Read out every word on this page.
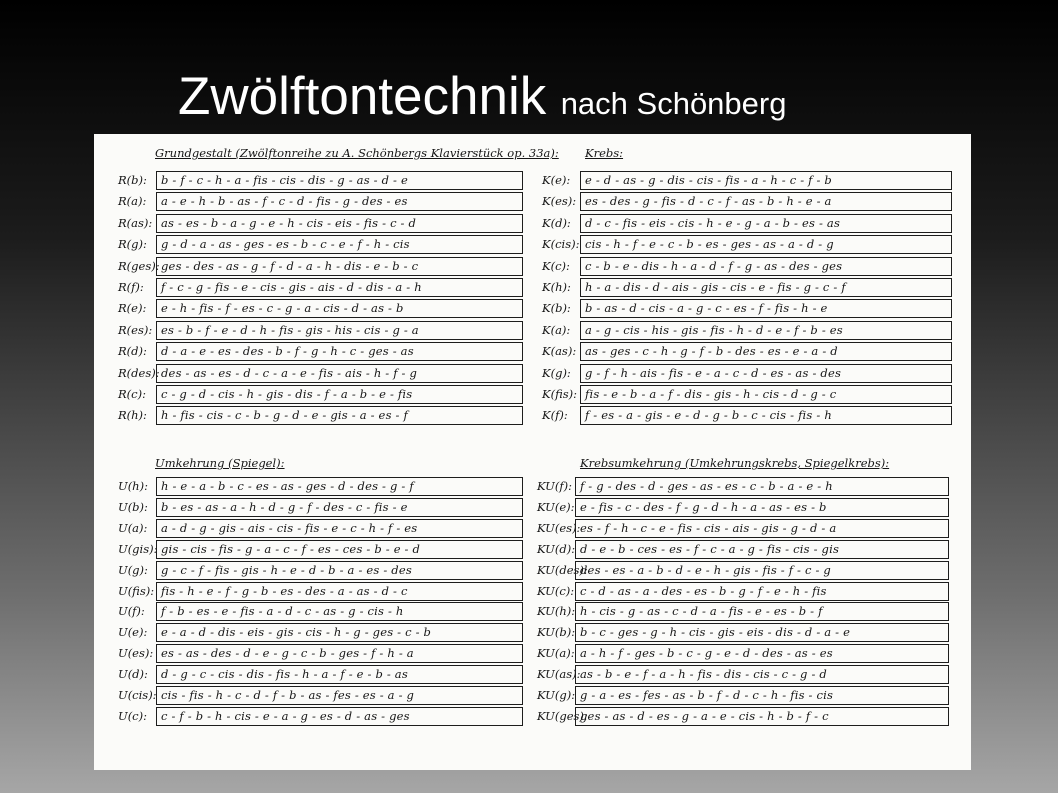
Zwölftontechnik nach Schönberg
Grundgestalt (Zwölftonreihe zu A. Schönbergs Klavierstück op. 33a):
R(b):	b - f - c - h - a - fis - cis - dis - g - as - d - e
R(a):	a - e - h - b - as - f - c - d - fis - g - des - es
R(as): as - es - b - a - g - e - h - cis - eis - fis - c - d
R(g):	g - d - a - as - ges - es - b - c - e - f - h - cis
R(ges): ges - des - as - g - f - d - a - h - dis - e - b - c
R(f):	f - c - g - fis - e - cis - gis - ais - d - dis - a - h
R(e):	e - h - fis - f - es - c - g - a - cis - d - as - b
R(es): es - b - f - e - d - h - fis - gis - his - cis - g - a
R(d):	d - a - e - es - des - b - f - g - h - c - ges - as
R(des): des - as - es - d - c - a - e - fis - ais - h - f - g
R(c):	c - g - d - cis - h - gis - dis - f - a - b - e - fis
R(h):	h - fis - cis - c - b - g - d - e - gis - a - es - f
Krebs:
K(e):	e - d - as - g - dis - cis - fis - a - h - c - f - b
K(es): es - des - g - fis - d - c - f - as - b - h - e - a
K(d):	d - c - fis - eis - cis - h - e - g - a - b - es - as
K(cis): cis - h - f - e - c - b - es - ges - as - a - d - g
K(c):	c - b - e - dis - h - a - d - f - g - as - des - ges
K(h):	h - a - dis - d - ais - gis - cis - e - fis - g - c - f
K(b):	b - as - d - cis - a - g - c - es - f - fis - h - e
K(a):	a - g - cis - his - gis - fis - h - d - e - f - b - es
K(as): as - ges - c - h - g - f - b - des - es - e - a - d
K(g):	g - f - h - ais - fis - e - a - c - d - es - as - des
K(fis): fis - e - b - a - f - dis - gis - h - cis - d - g - c
K(f):	f - es - a - gis - e - d - g - b - c - cis - fis - h
Umkehrung (Spiegel):
U(h):	h - e - a - b - c - es - as - ges - d - des - g - f
U(b):	b - es - as - a - h - d - g - f - des - c - fis - e
U(a):	a - d - g - gis - ais - cis - fis - e - c - h - f - es
U(gis): gis - cis - fis - g - a - c - f - es - ces - b - e - d
U(g):	g - c - f - fis - gis - h - e - d - b - a - es - des
U(fis): fis - h - e - f - g - b - es - des - a - as - d - c
U(f):	f - b - es - e - fis - a - d - c - as - g - cis - h
U(e):	e - a - d - dis - eis - gis - cis - h - g - ges - c - b
U(es): es - as - des - d - e - g - c - b - ges - f - h - a
U(d):	d - g - c - cis - dis - fis - h - a - f - e - b - as
U(cis): cis - fis - h - c - d - f - b - as - fes - es - a - g
U(c):	c - f - b - h - cis - e - a - g - es - d - as - ges
Krebsumkehrung (Umkehrungskrebs, Spiegelkrebs):
KU(f): f - g - des - d - ges - as - es - c - b - a - e - h
KU(e): e - fis - c - des - f - g - d - h - a - as - es - b
KU(es): es - f - h - c - e - fis - cis - ais - gis - g - d - a
KU(d): d - e - b - ces - es - f - c - a - g - fis - cis - gis
KU(des):
des - es - a - b - d - e - h - gis - fis - f - c - g
KU(c): c - d - as - a - des - es - b - g - f - e - h - fis
KU(h): h - cis - g - as - c - d - a - fis - e - es - b - f
KU(b): b - c - ges - g - h - cis - gis - eis - dis - d - a - e
KU(a): a - h - f - ges - b - c - g - e - d - des - as - es
KU(as): as - b - e - f - a - h - fis - dis - cis - c - g - d
KU(g): g - a - es - fes - as - b - f - d - c - h - fis - cis
KU(ges):
ges - as - d - es - g - a - e - cis - h - b - f - c
